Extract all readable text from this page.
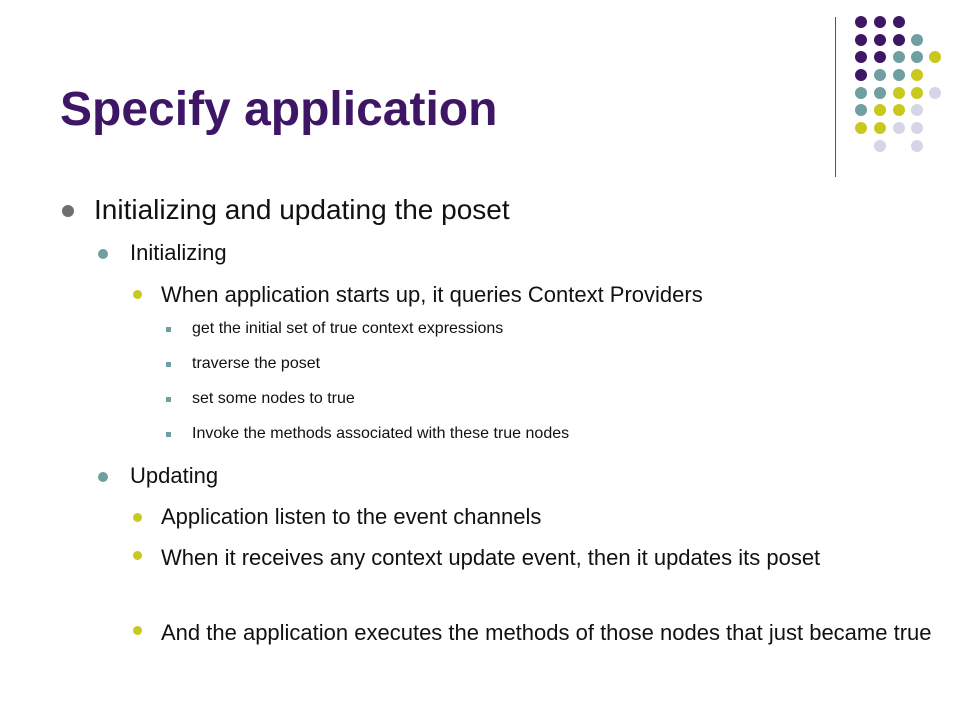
Specify application
Initializing and updating the poset
Initializing
When application starts up, it queries Context Providers
get the initial set of true context expressions
traverse the poset
set some nodes to true
Invoke the methods associated with these true nodes
Updating
Application listen to the event channels
When it receives any context update event, then it updates its poset
And the application executes the methods of those nodes that just became true
